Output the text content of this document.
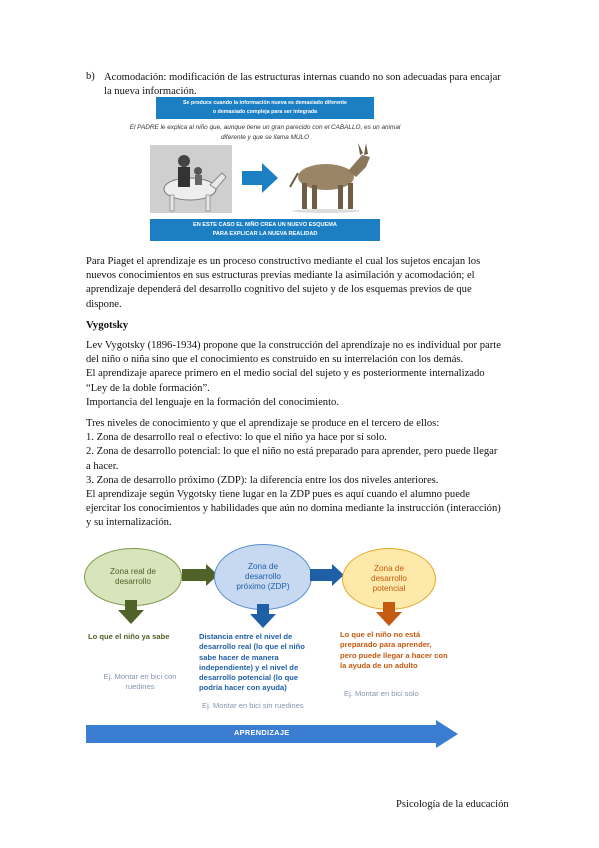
b) Acomodación: modificación de las estructuras internas cuando no son adecuadas para encajar
la nueva información.
Se produce cuando la información nueva es demasiado diferente
o demasiado compleja para ser integrada
El PADRE le explica al niño que, aunque tiene un gran parecido con el CABALLO, es un animal
diferente y que se llama MULO
EN ESTE CASO EL NIÑO CREA UN NUEVO ESQUEMA
PARA EXPLICAR LA NUEVA REALIDAD
Para Piaget el aprendizaje es un proceso constructivo mediante el cual los sujetos encajan los
nuevos conocimientos en sus estructuras previas mediante la asimilación y acomodación; el
aprendizaje dependerá del desarrollo cognitivo del sujeto y de los esquemas previos de que
dispone.
Vygotsky
Lev Vygotsky (1896-1934) propone que la construcción del aprendizaje no es individual por parte
del niño o niña sino que el conocimiento es construido en su interrelación con los demás.
El aprendizaje aparece primero en el medio social del sujeto y es posteriormente internalizado
“Ley de la doble formación”.
Importancia del lenguaje en la formación del conocimiento.
Tres niveles de conocimiento y que el aprendizaje se produce en el tercero de ellos:
1. Zona de desarrollo real o efectivo: lo que el niño ya hace por sí solo.
2. Zona de desarrollo potencial: lo que el niño no está preparado para aprender, pero puede llegar
a hacer.
3. Zona de desarrollo próximo (ZDP): la diferencia entre los dos niveles anteriores.
El aprendizaje según Vygotsky tiene lugar en la ZDP pues es aquí cuando el alumno puede
ejercitar los conocimientos y habilidades que aún no domina mediante la instrucción (interacción)
y su internalización.
Zona real de
desarrollo
Zona de
desarrollo
próximo (ZDP)
Zona de
desarrollo
potencial
Lo que el niño ya sabe
Ej. Montar en bici con
ruedines
Distancia entre el nivel de
desarrollo real (lo que el niño
sabe hacer de manera
independiente) y el nivel de
desarrollo potencial (lo que
podría hacer con ayuda)
Ej. Montar en bici sin ruedines
Lo que el niño no está
preparado para aprender,
pero puede llegar a hacer con
la ayuda de un adulto
Ej. Montar en bici solo
APRENDIZAJE
Psicología de la educación
